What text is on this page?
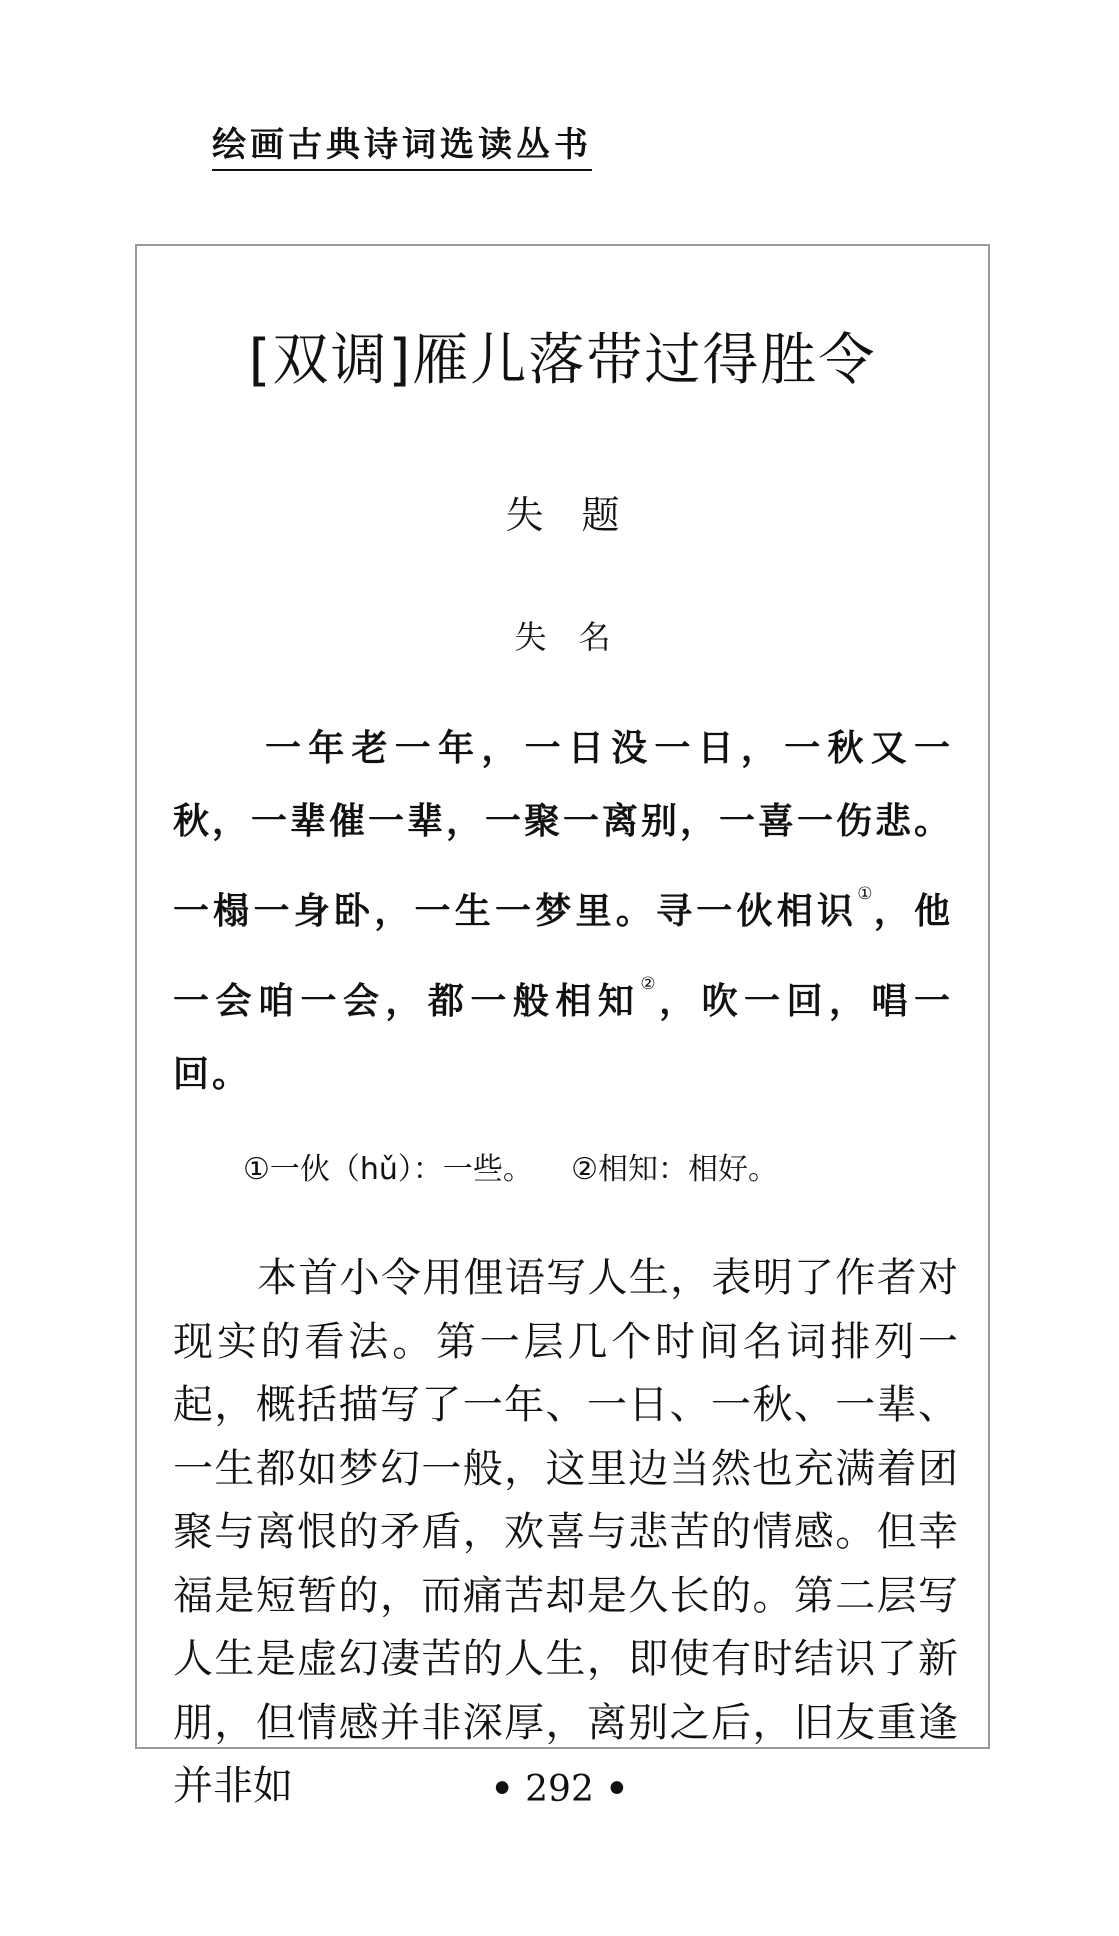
绘画古典诗词选读丛书
[双调]雁儿落带过得胜令
失　题
失　名
一年老一年，一日没一日，一秋又一秋，一辈催一辈，一聚一离别，一喜一伤悲。一榻一身卧，一生一梦里。寻一伙相识①，他一会咱一会，都一般相知②，吹一回，唱一回。
①一伙（hǔ）：一些。 ②相知：相好。
本首小令用俚语写人生，表明了作者对现实的看法。第一层几个时间名词排列一起，概括描写了一年、一日、一秋、一辈、一生都如梦幻一般，这里边当然也充满着团聚与离恨的矛盾，欢喜与悲苦的情感。但幸福是短暂的，而痛苦却是久长的。第二层写人生是虚幻凄苦的人生，即使有时结识了新朋，但情感并非深厚，离别之后，旧友重逢并非如	• 292 •
